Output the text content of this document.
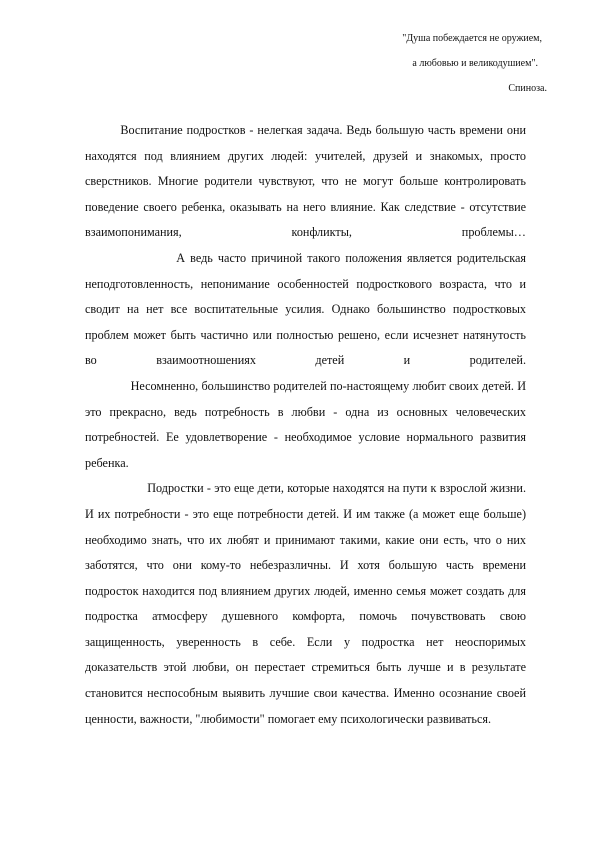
"Душа побеждается не оружием,
а любовью и великодушием".
Спиноза.

Воспитание подростков - нелегкая задача. Ведь большую часть времени они находятся под влиянием других людей: учителей, друзей и знакомых, просто сверстников. Многие родители чувствуют, что не могут больше контролировать поведение своего ребенка, оказывать на него влияние. Как следствие - отсутствие взаимопонимания, конфликты, проблемы…

А ведь часто причиной такого положения является родительская неподготовленность, непонимание особенностей подросткового возраста, что и сводит на нет все воспитательные усилия. Однако большинство подростковых проблем может быть частично или полностью решено, если исчезнет натянутость во взаимоотношениях детей и родителей.

Несомненно, большинство родителей по-настоящему любит своих детей. И это прекрасно, ведь потребность в любви - одна из основных человеческих потребностей. Ее удовлетворение - необходимое условие нормального развития ребенка.

Подростки - это еще дети, которые находятся на пути к взрослой жизни. И их потребности - это еще потребности детей. И им также (а может еще больше) необходимо знать, что их любят и принимают такими, какие они есть, что о них заботятся, что они кому-то небезразличны. И хотя большую часть времени подросток находится под влиянием других людей, именно семья может создать для подростка атмосферу душевного комфорта, помочь почувствовать свою защищенность, уверенность в себе. Если у подростка нет неоспоримых доказательств этой любви, он перестает стремиться быть лучше и в результате становится неспособным выявить лучшие свои качества. Именно осознание своей ценности, важности, "любимости" помогает ему психологически развиваться.
